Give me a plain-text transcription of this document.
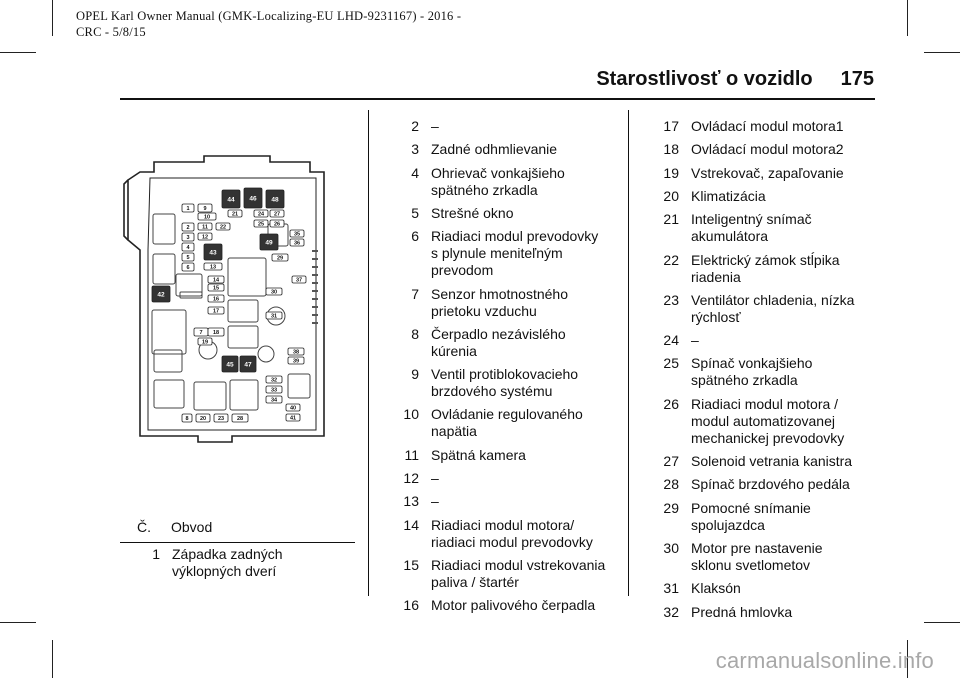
OPEL Karl Owner Manual (GMK-Localizing-EU LHD-9231167) - 2016 -
CRC - 5/8/15
Starostlivosť o vozidlo 175
44 46 48
1	9
10	21	24 27
2 11 22	25 26
3 12
49
35
36
4
43
5	29
37
6	13
14
15
16
17
42	30
31
7 18
19
38
39
45 47
32
33
34
40
41
8 20 23 28
Č. Obvod
1 Západka zadných
výklopných dverí
2 –
3 Zadné odhmlievanie
4 Ohrievač vonkajšieho
spätného zrkadla
5 Strešné okno
6 Riadiaci modul prevodovky
s plynule meniteľným
prevodom
7 Senzor hmotnostného
prietoku vzduchu
8 Čerpadlo nezávislého
kúrenia
9 Ventil protiblokovacieho
brzdového systému
10 Ovládanie regulovaného
napätia
11 Spätná kamera
12 –
13 –
14 Riadiaci modul motora/
riadiaci modul prevodovky
15 Riadiaci modul vstrekovania
paliva / štartér
16 Motor palivového čerpadla
17 Ovládací modul motora1
18 Ovládací modul motora2
19 Vstrekovač, zapaľovanie
20 Klimatizácia
21 Inteligentný snímač
akumulátora
22 Elektrický zámok stĺpika
riadenia
23 Ventilátor chladenia, nízka
rýchlosť
24 –
25 Spínač vonkajšieho
spätného zrkadla
26 Riadiaci modul motora /
modul automatizovanej
mechanickej prevodovky
27 Solenoid vetrania kanistra
28 Spínač brzdového pedála
29 Pomocné snímanie
spolujazdca
30 Motor pre nastavenie
sklonu svetlometov
31 Klaksón
32 Predná hmlovka
carmanualsonline.info
